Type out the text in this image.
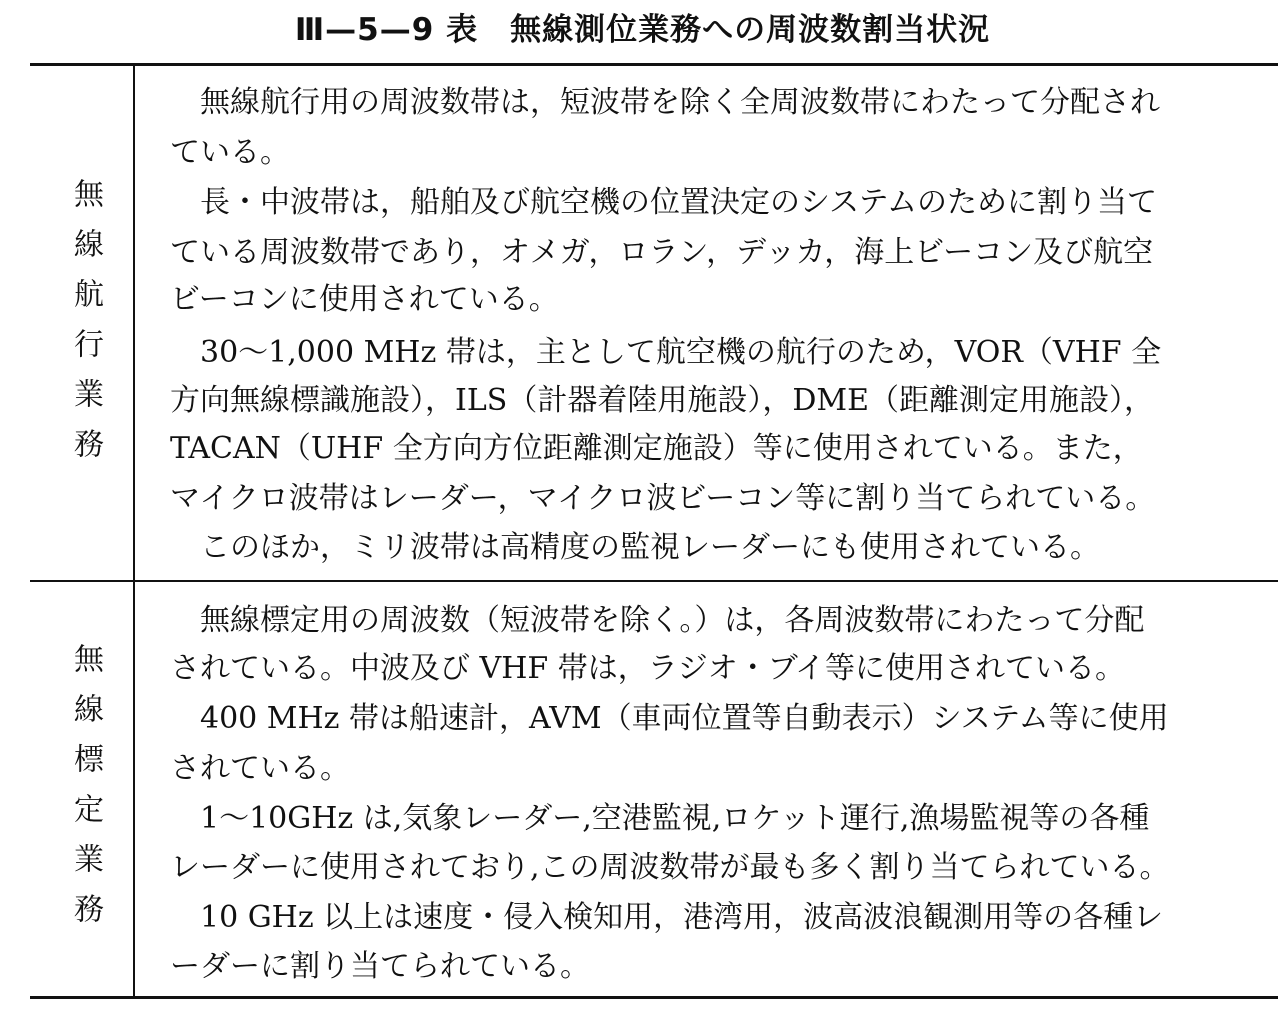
Ⅲ—5—9 表　無線測位業務への周波数割当状況
無線航行業務
　無線航行用の周波数帯は，短波帯を除く全周波数帯にわたって分配され
ている。
　長・中波帯は，船舶及び航空機の位置決定のシステムのために割り当て
ている周波数帯であり，オメガ，ロラン，デッカ，海上ビーコン及び航空
ビーコンに使用されている。
　30〜1,000 MHz 帯は，主として航空機の航行のため，VOR（VHF 全
方向無線標識施設），ILS（計器着陸用施設），DME（距離測定用施設），
TACAN（UHF 全方向方位距離測定施設）等に使用されている。また，
マイクロ波帯はレーダー，マイクロ波ビーコン等に割り当てられている。
　このほか，ミリ波帯は高精度の監視レーダーにも使用されている。
無線標定業務
　無線標定用の周波数（短波帯を除く。）は，各周波数帯にわたって分配
されている。中波及び VHF 帯は，ラジオ・ブイ等に使用されている。
　400 MHz 帯は船速計，AVM（車両位置等自動表示）システム等に使用
されている。
　1〜10GHz は,気象レーダー,空港監視,ロケット運行,漁場監視等の各種
レーダーに使用されており,この周波数帯が最も多く割り当てられている。
　10 GHz 以上は速度・侵入検知用，港湾用，波高波浪観測用等の各種レ
ーダーに割り当てられている。
